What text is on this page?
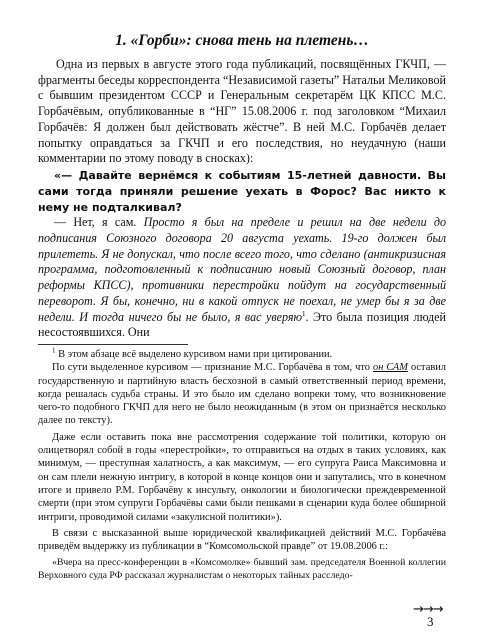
1. «Горби»: снова тень на плетень…

Одна из первых в августе этого года публикаций, посвящённых ГКЧП, — фрагменты беседы корреспондента “Независимой газеты” Натальи Меликовой с бывшим президентом СССР и Генеральным секретарём ЦК КПСС М.С. Горбачёвым, опубликованные в “НГ” 15.08.2006 г. под заголовком “Михаил Горбачёв: Я должен был действовать жёстче”. В ней М.С. Горбачёв делает попытку оправдаться за ГКЧП и его последствия, но неудачную (наши комментарии по этому поводу в сносках):

«— Давайте вернёмся к событиям 15-летней давности. Вы сами тогда приняли решение уехать в Форос? Вас никто к нему не подталкивал?

— Нет, я сам. Просто я был на пределе и решил на две недели до подписания Союзного договора 20 августа уехать. 19-го должен был прилететь. Я не допускал, что после всего того, что сделано (антикризисная программа, подготовленный к подписанию новый Союзный договор, план реформы КПСС), противники перестройки пойдут на государственный переворот. Я бы, конечно, ни в какой отпуск не поехал, не умер бы я за две недели. И тогда ничего бы не было, я вас уверяю$^1$. Это была позиция людей несостоявшихся. Они

$^1$ В этом абзаце всё выделено курсивом нами при цитировании.

По сути выделенное курсивом — признание М.С. Горбачёва в том, что он САМ оставил государственную и партийную власть бесхозной в самый ответственный период времени, когда решалась судьба страны. И это было им сделано вопреки тому, что возникновение чего-то подобного ГКЧП для него не было неожиданным (в этом он признаётся несколько далее по тексту).

Даже если оставить пока вне рассмотрения содержание той политики, которую он олицетворял собой в годы «перестройки», то отправиться на отдых в таких условиях, как минимум, — преступная халатность, а как максимум, — его супруга Раиса Максимовна и он сам плели нежную интригу, в которой в конце концов они и запутались, что в конечном итоге и привело Р.М. Горбачёву к инсульту, онкологии и биологически преждевременной смерти (при этом супруги Горбачёвы сами были пешками в сценарии куда более обширной интриги, проводимой силами «закулисной политики»).

В связи с высказанной выше юридической квалификацией действий М.С. Горбачёва приведём выдержку из публикации в “Комсомольской правде” от 19.08.2006 г.:

«Вчера на пресс-конференции в «Комсомолке» бывший зам. председателя Военной коллегии Верховного суда РФ рассказал журналистам о некоторых тайных расследо-

→→→
3
